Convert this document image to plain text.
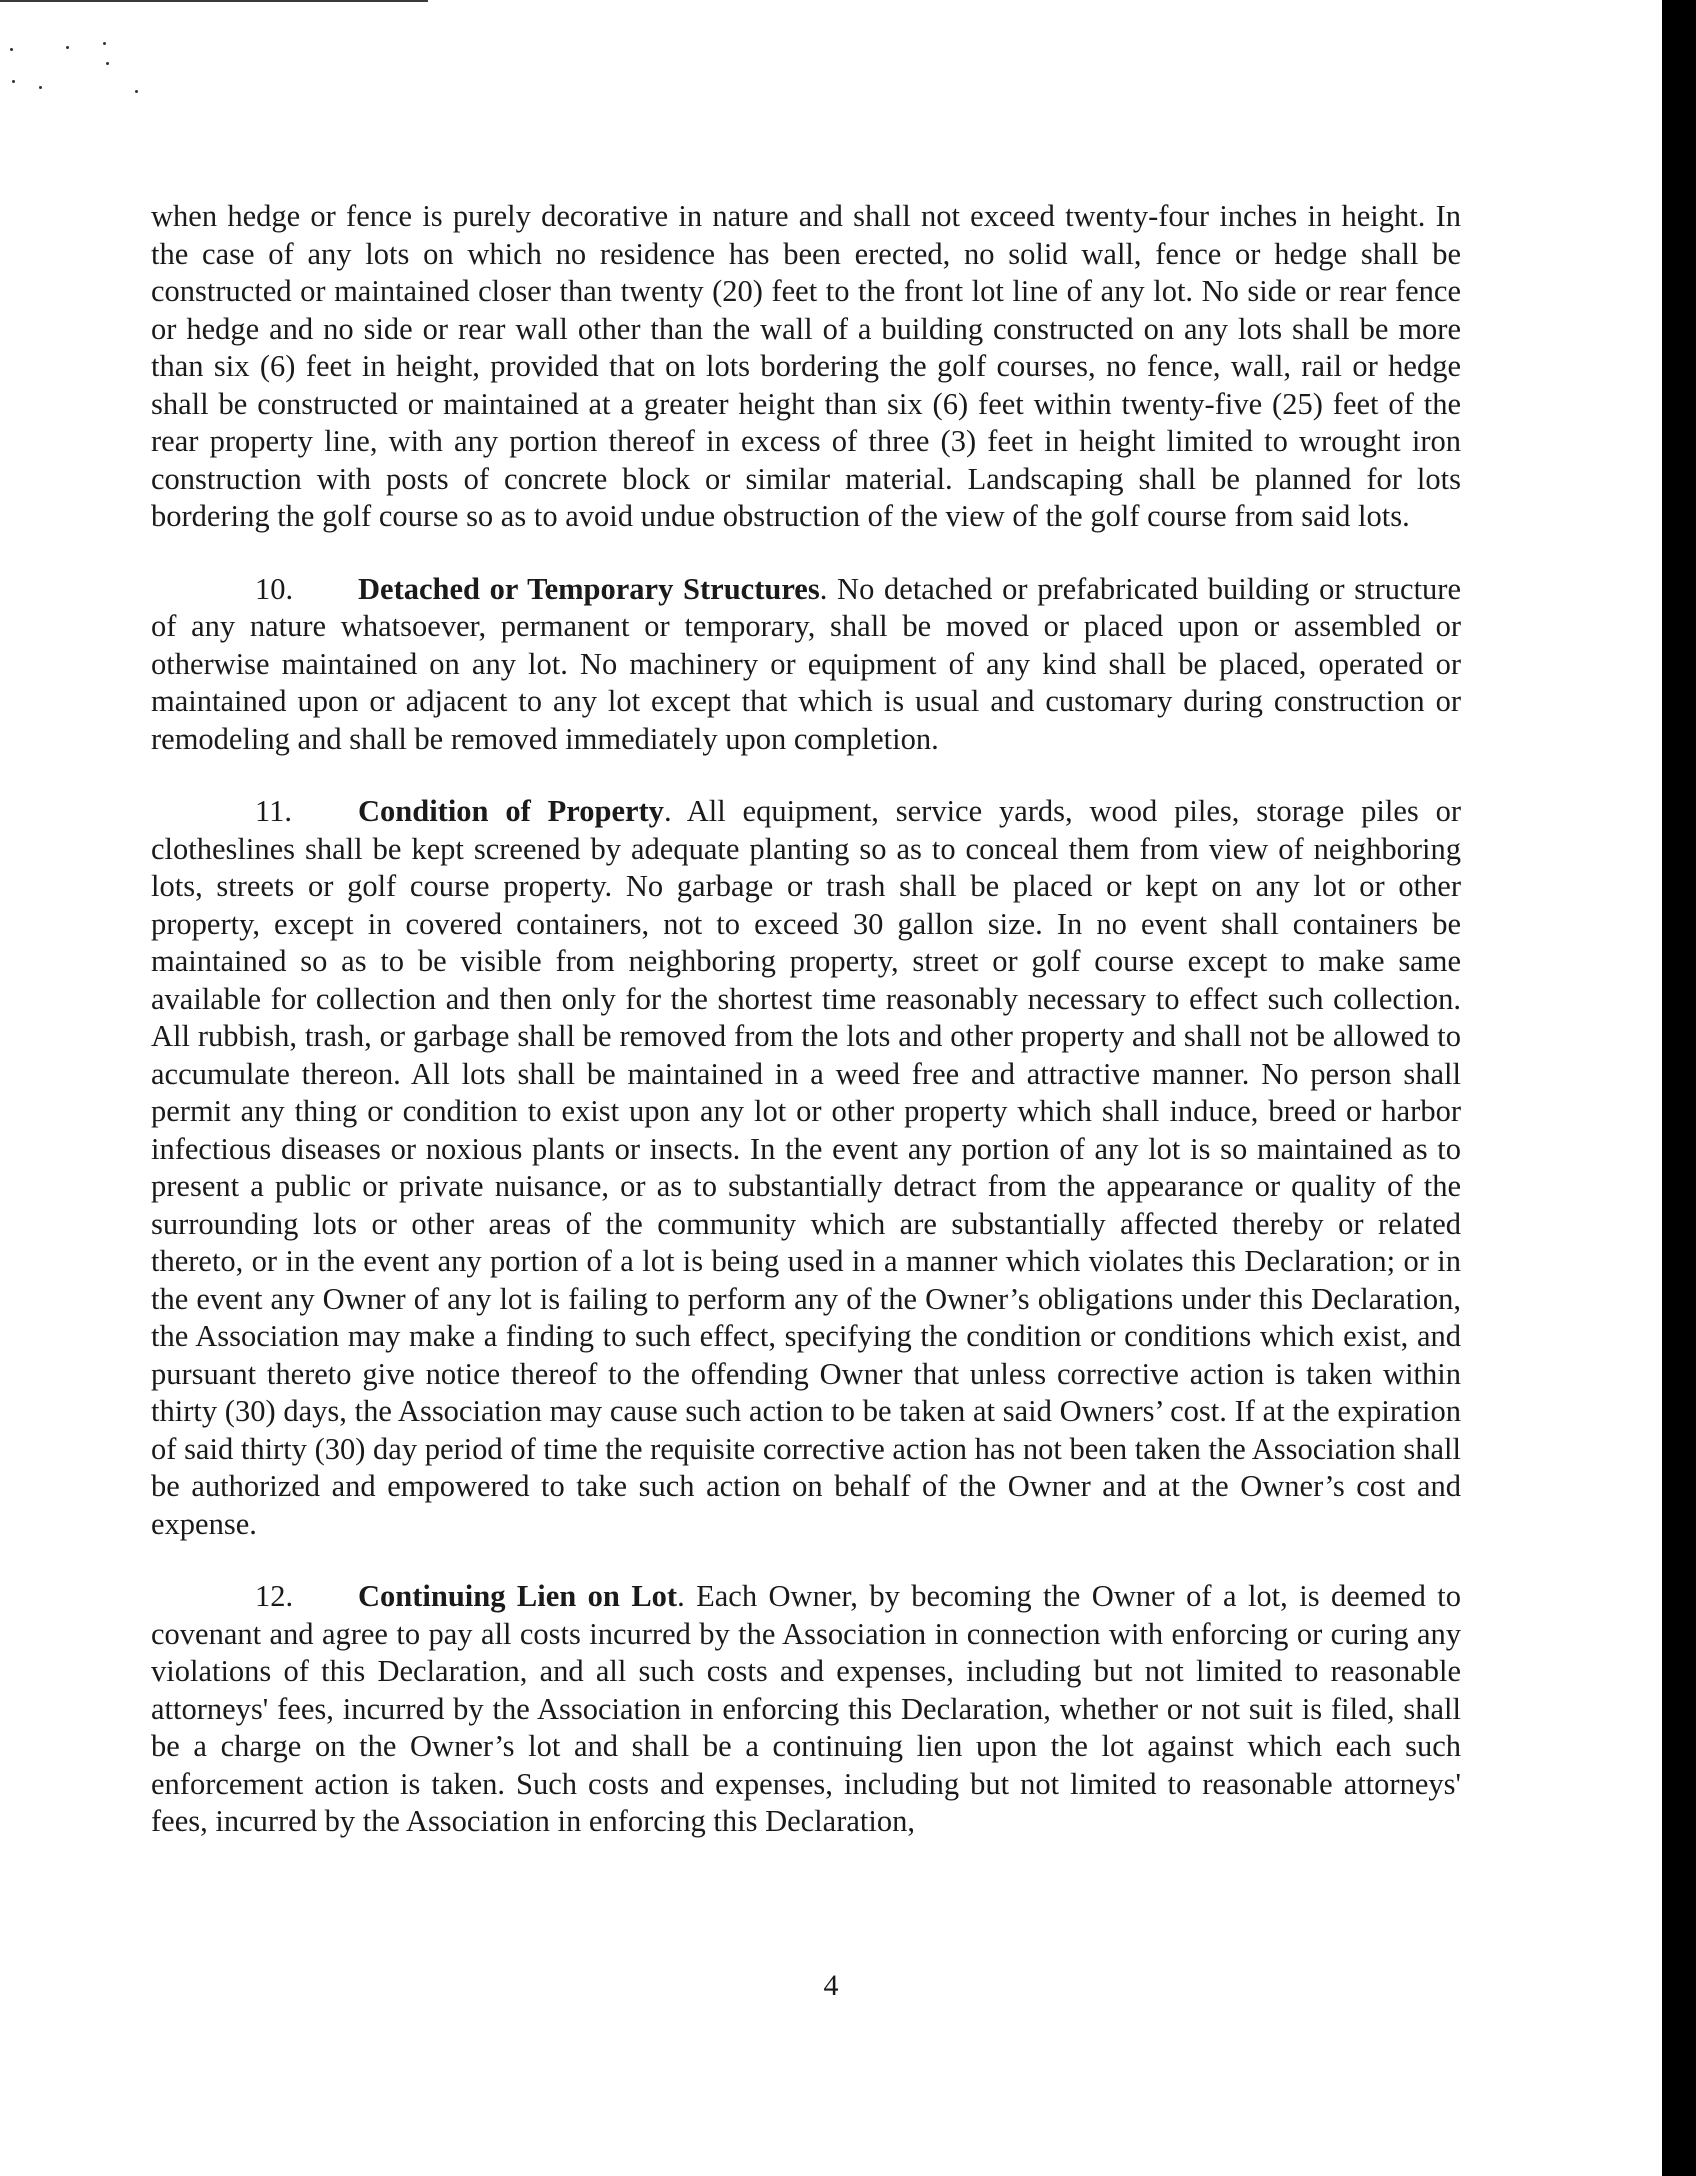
when hedge or fence is purely decorative in nature and shall not exceed twenty-four inches in height. In the case of any lots on which no residence has been erected, no solid wall, fence or hedge shall be constructed or maintained closer than twenty (20) feet to the front lot line of any lot. No side or rear fence or hedge and no side or rear wall other than the wall of a building constructed on any lots shall be more than six (6) feet in height, provided that on lots bordering the golf courses, no fence, wall, rail or hedge shall be constructed or maintained at a greater height than six (6) feet within twenty-five (25) feet of the rear property line, with any portion thereof in excess of three (3) feet in height limited to wrought iron construction with posts of concrete block or similar material. Landscaping shall be planned for lots bordering the golf course so as to avoid undue obstruction of the view of the golf course from said lots.

10. Detached or Temporary Structures. No detached or prefabricated building or structure of any nature whatsoever, permanent or temporary, shall be moved or placed upon or assembled or otherwise maintained on any lot. No machinery or equipment of any kind shall be placed, operated or maintained upon or adjacent to any lot except that which is usual and customary during construction or remodeling and shall be removed immediately upon completion.

11. Condition of Property. All equipment, service yards, wood piles, storage piles or clotheslines shall be kept screened by adequate planting so as to conceal them from view of neighboring lots, streets or golf course property. No garbage or trash shall be placed or kept on any lot or other property, except in covered containers, not to exceed 30 gallon size. In no event shall containers be maintained so as to be visible from neighboring property, street or golf course except to make same available for collection and then only for the shortest time reasonably necessary to effect such collection. All rubbish, trash, or garbage shall be removed from the lots and other property and shall not be allowed to accumulate thereon. All lots shall be maintained in a weed free and attractive manner. No person shall permit any thing or condition to exist upon any lot or other property which shall induce, breed or harbor infectious diseases or noxious plants or insects. In the event any portion of any lot is so maintained as to present a public or private nuisance, or as to substantially detract from the appearance or quality of the surrounding lots or other areas of the community which are substantially affected thereby or related thereto, or in the event any portion of a lot is being used in a manner which violates this Declaration; or in the event any Owner of any lot is failing to perform any of the Owner’s obligations under this Declaration, the Association may make a finding to such effect, specifying the condition or conditions which exist, and pursuant thereto give notice thereof to the offending Owner that unless corrective action is taken within thirty (30) days, the Association may cause such action to be taken at said Owners’ cost. If at the expiration of said thirty (30) day period of time the requisite corrective action has not been taken the Association shall be authorized and empowered to take such action on behalf of the Owner and at the Owner’s cost and expense.

12. Continuing Lien on Lot. Each Owner, by becoming the Owner of a lot, is deemed to covenant and agree to pay all costs incurred by the Association in connection with enforcing or curing any violations of this Declaration, and all such costs and expenses, including but not limited to reasonable attorneys' fees, incurred by the Association in enforcing this Declaration, whether or not suit is filed, shall be a charge on the Owner’s lot and shall be a continuing lien upon the lot against which each such enforcement action is taken. Such costs and expenses, including but not limited to reasonable attorneys' fees, incurred by the Association in enforcing this Declaration,

4
